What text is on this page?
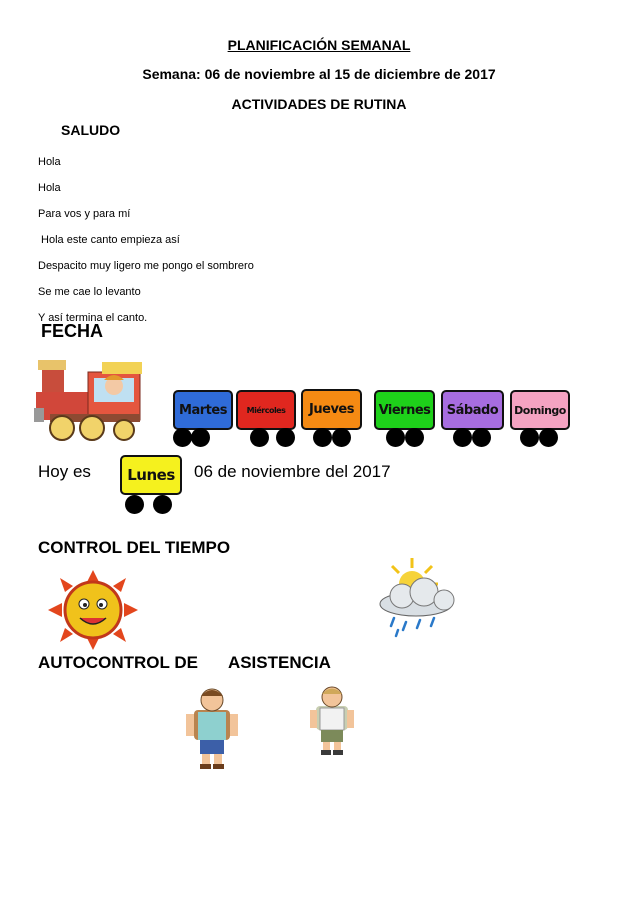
PLANIFICACIÓN SEMANAL
Semana: 06 de noviembre al 15 de diciembre de 2017
ACTIVIDADES DE RUTINA
SALUDO
Hola
Hola
Para vos y para mí
Hola este canto empieza así
Despacito muy ligero me pongo el sombrero
Se me cae lo levanto
Y así termina el canto.
FECHA
Martes	Miércoles	Jueves	Viernes	Sábado	Domingo
Hoy es	Lunes	06 de noviembre del 2017
CONTROL DEL TIEMPO
AUTOCONTROL DE ASISTENCIA
